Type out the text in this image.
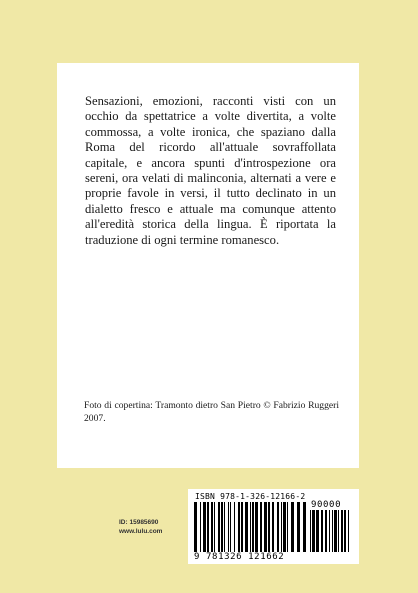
Sensazioni, emozioni, racconti visti con un occhio da spettatrice a volte divertita, a volte commossa, a volte ironica, che spaziano dalla Roma del ricordo all'attuale sovraffollata capitale, e ancora spunti d'introspezione ora sereni, ora velati di malinconia, alternati a vere e proprie favole in versi, il tutto declinato in un dialetto fresco e attuale ma comunque attento all'eredità storica della lingua. È riportata la traduzione di ogni termine romanesco.

Foto di copertina: Tramonto dietro San Pietro © Fabrizio Ruggeri 2007.

ID: 15985690
www.lulu.com
ISBN 978-1-326-12166-2
90000
9 781326 121662
